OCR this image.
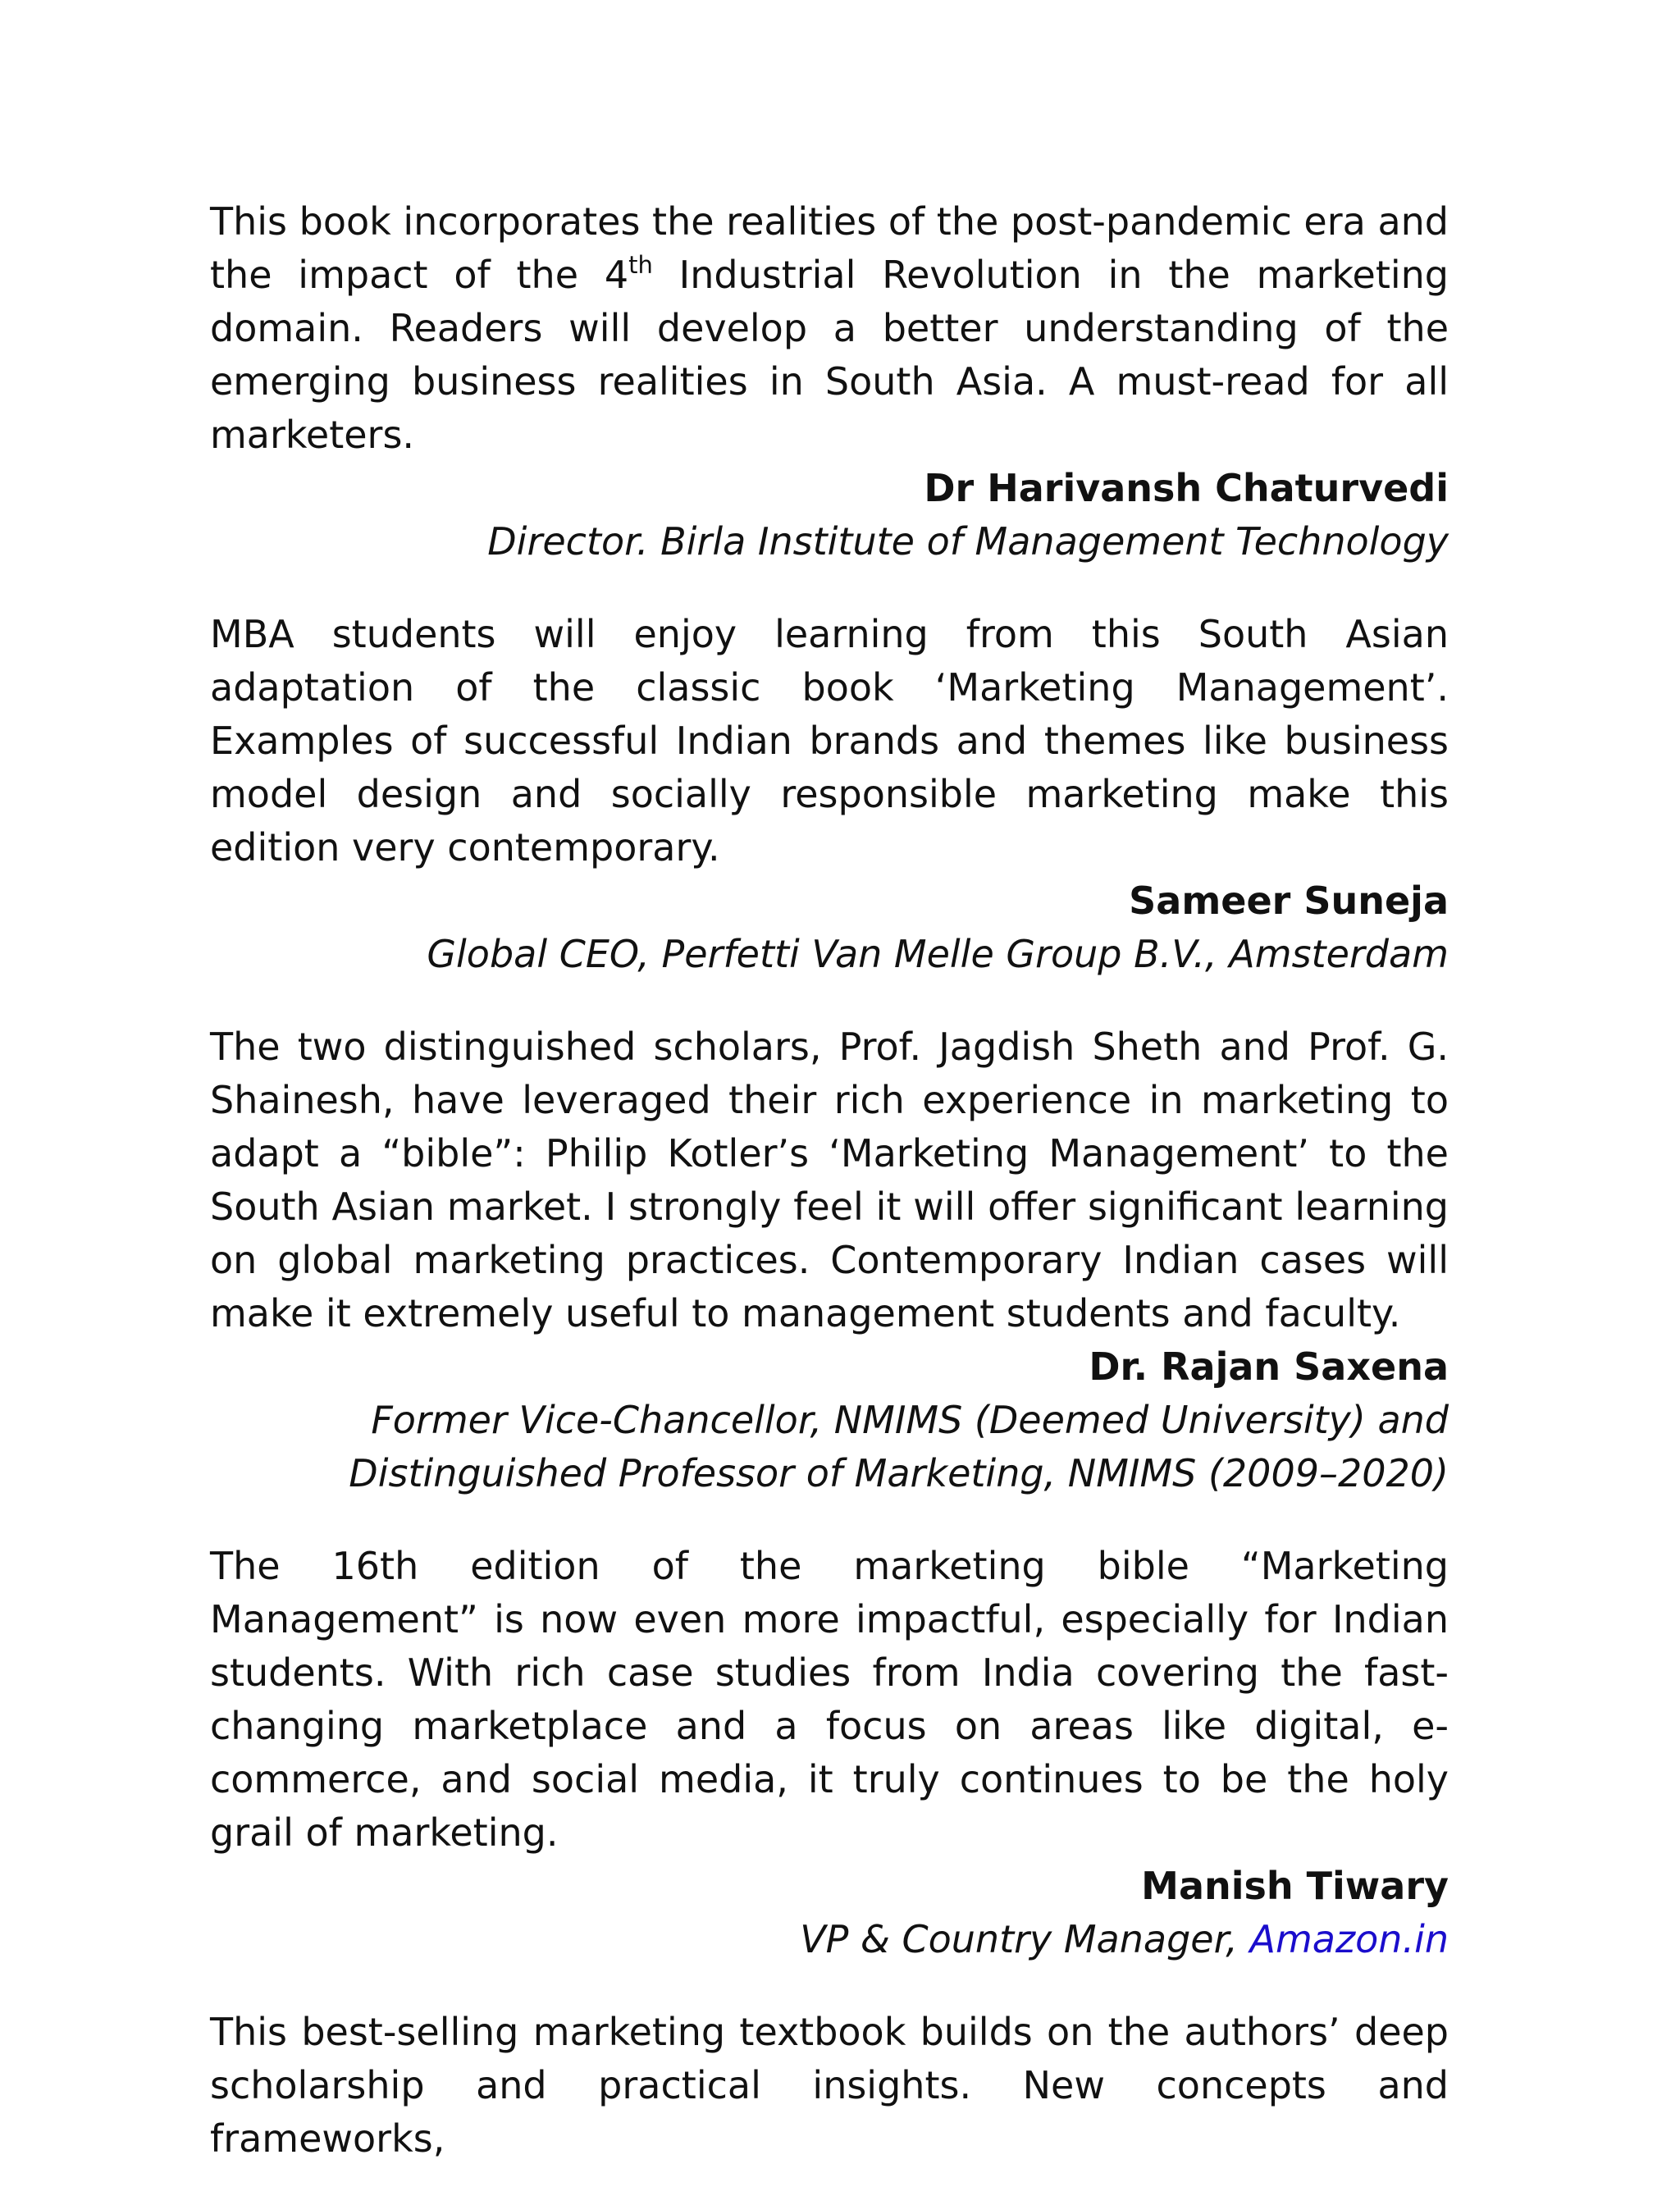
This book incorporates the realities of the post-pandemic era and the impact of the 4th Industrial Revolution in the marketing domain. Readers will develop a better understanding of the emerging business realities in South Asia. A must-read for all marketers.

Dr Harivansh Chaturvedi

Director. Birla Institute of Management Technology

MBA students will enjoy learning from this South Asian adaptation of the classic book ‘Marketing Management’. Examples of successful Indian brands and themes like business model design and socially responsible marketing make this edition very contemporary.

Sameer Suneja

Global CEO, Perfetti Van Melle Group B.V., Amsterdam

The two distinguished scholars, Prof. Jagdish Sheth and Prof. G. Shainesh, have leveraged their rich experience in marketing to adapt a “bible”: Philip Kotler’s ‘Marketing Management’ to the South Asian market. I strongly feel it will offer significant learning on global marketing practices. Contemporary Indian cases will make it extremely useful to management students and faculty.

Dr. Rajan Saxena

Former Vice-Chancellor, NMIMS (Deemed University) and

Distinguished Professor of Marketing, NMIMS (2009–2020)

The 16th edition of the marketing bible “Marketing Management” is now even more impactful, especially for Indian students. With rich case studies from India covering the fast-changing marketplace and a focus on areas like digital, e-commerce, and social media, it truly continues to be the holy grail of marketing.

Manish Tiwary

VP & Country Manager, Amazon.in

This best-selling marketing textbook builds on the authors’ deep scholarship and practical insights. New concepts and frameworks,
